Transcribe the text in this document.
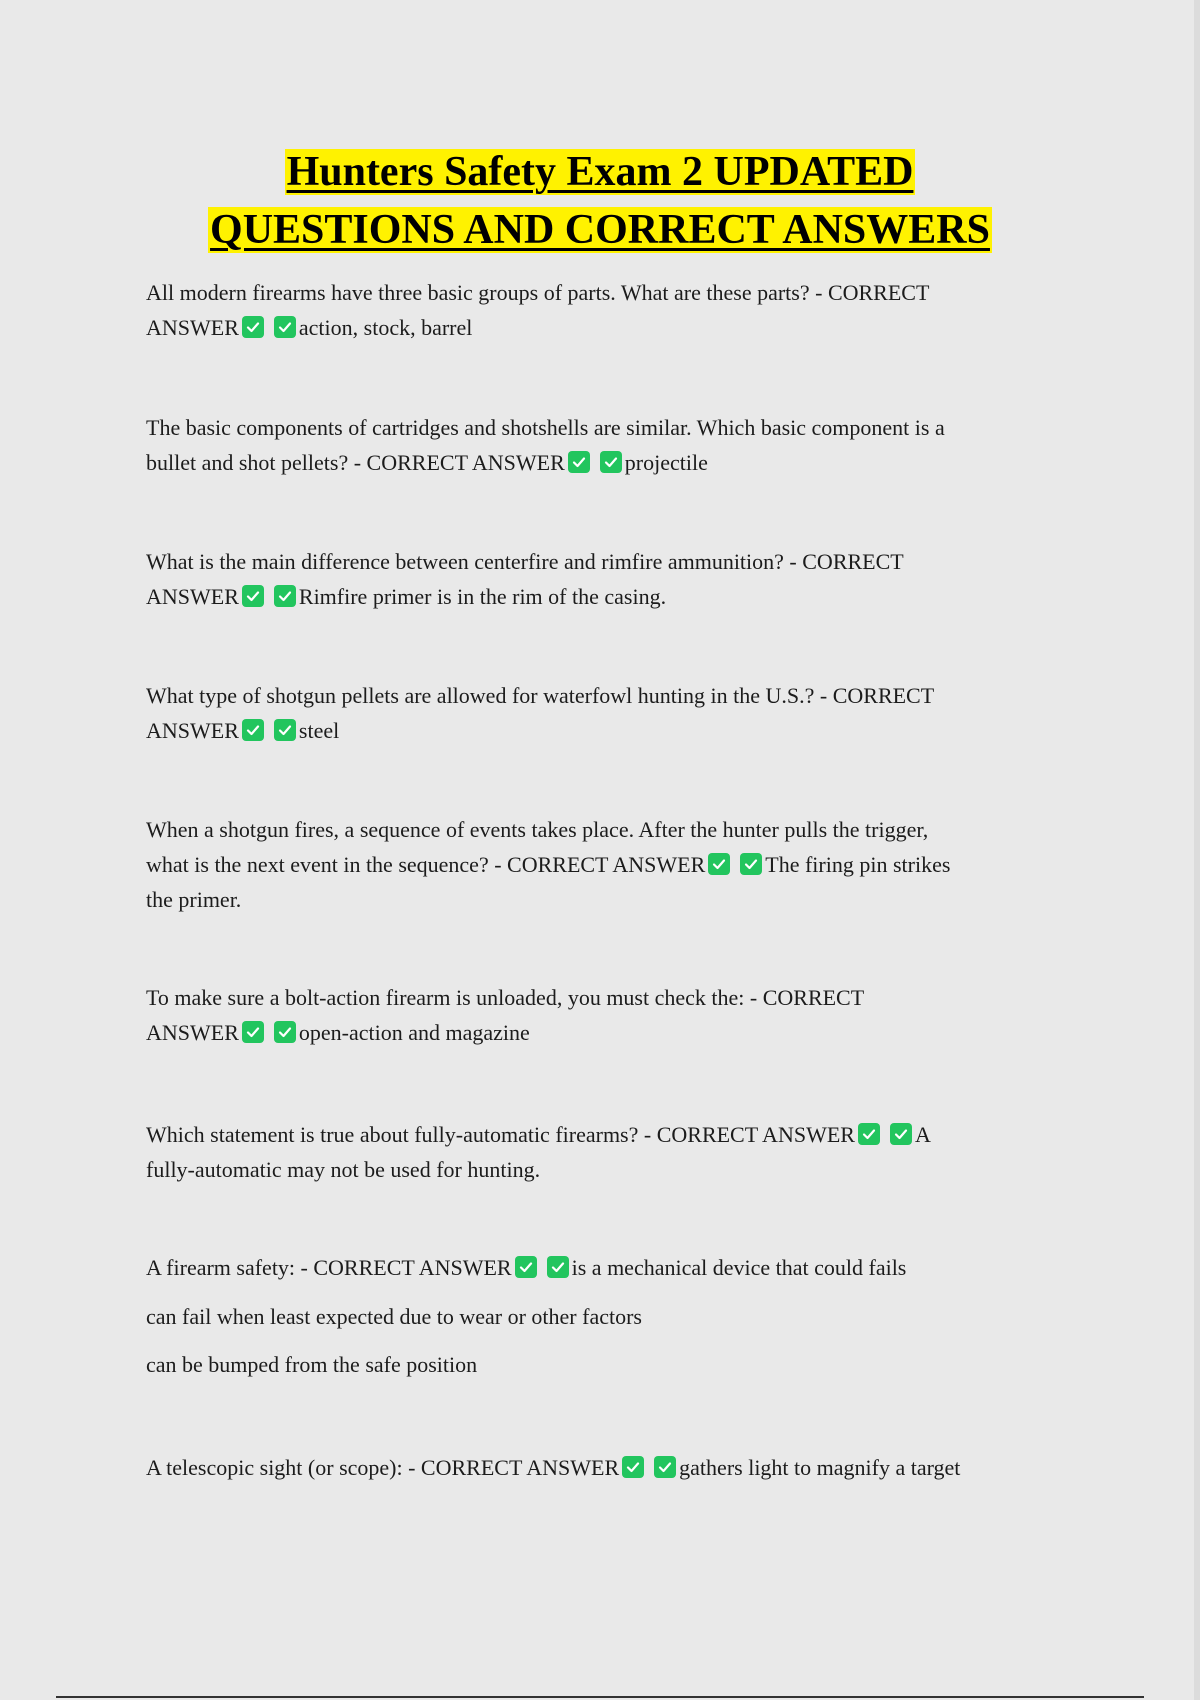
Hunters Safety Exam 2 UPDATED
QUESTIONS AND CORRECT ANSWERS
All modern firearms have three basic groups of parts. What are these parts? - CORRECT
ANSWER	action, stock, barrel
The basic components of cartridges and shotshells are similar. Which basic component is a
bullet and shot pellets? - CORRECT ANSWER	projectile
What is the main difference between centerfire and rimfire ammunition? - CORRECT
ANSWER	Rimfire primer is in the rim of the casing.
What type of shotgun pellets are allowed for waterfowl hunting in the U.S.? - CORRECT
ANSWER	steel
When a shotgun fires, a sequence of events takes place. After the hunter pulls the trigger,
what is the next event in the sequence? - CORRECT ANSWER	The firing pin strikes
the primer.
To make sure a bolt-action firearm is unloaded, you must check the: - CORRECT
ANSWER	open-action and magazine
Which statement is true about fully-automatic firearms? - CORRECT ANSWER	A
fully-automatic may not be used for hunting.
A firearm safety: - CORRECT ANSWER	is a mechanical device that could fails
can fail when least expected due to wear or other factors
can be bumped from the safe position
A telescopic sight (or scope): - CORRECT ANSWER	gathers light to magnify a target
